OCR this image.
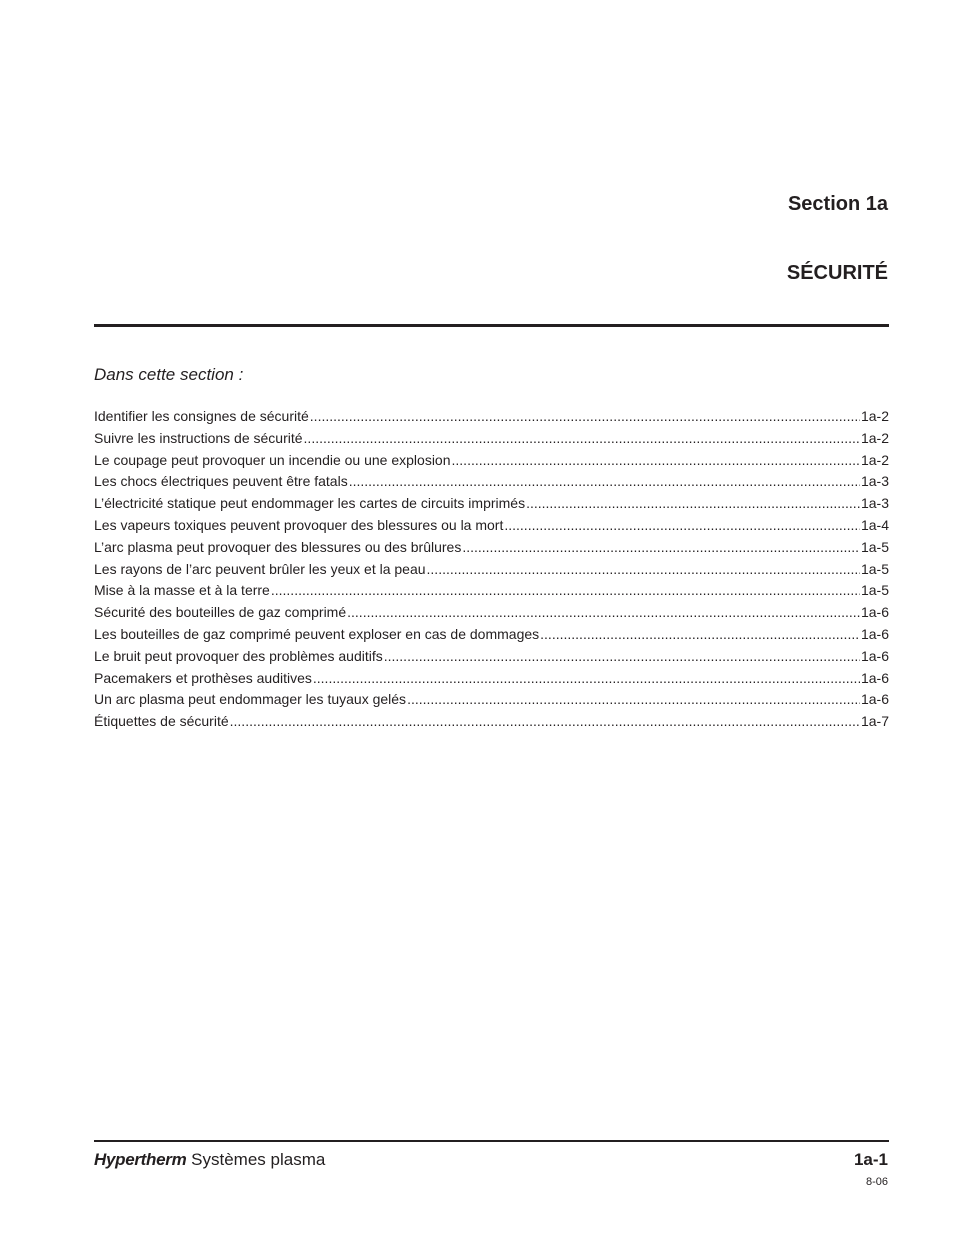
Section 1a
SÉCURITÉ
Dans cette section :
Identifier les consignes de sécurité .....	1a-2
Suivre les instructions de sécurité .....	1a-2
Le coupage peut provoquer un incendie ou une explosion .....	1a-2
Les chocs électriques peuvent être fatals .....	1a-3
L’électricité statique peut endommager les cartes de circuits imprimés .....	1a-3
Les vapeurs toxiques peuvent provoquer des blessures ou la mort .....	1a-4
L’arc plasma peut provoquer des blessures ou des brûlures .....	1a-5
Les rayons de l’arc peuvent brûler les yeux et la peau .....	1a-5
Mise à la masse et à la terre .....	1a-5
Sécurité des bouteilles de gaz comprimé .....	1a-6
Les bouteilles de gaz comprimé peuvent exploser en cas de dommages .....	1a-6
Le bruit peut provoquer des problèmes auditifs .....	1a-6
Pacemakers et prothèses auditives .....	1a-6
Un arc plasma peut endommager les tuyaux gelés .....	1a-6
Étiquettes de sécurité .....	1a-7
Hypertherm Systèmes plasma	1a-1
8-06
